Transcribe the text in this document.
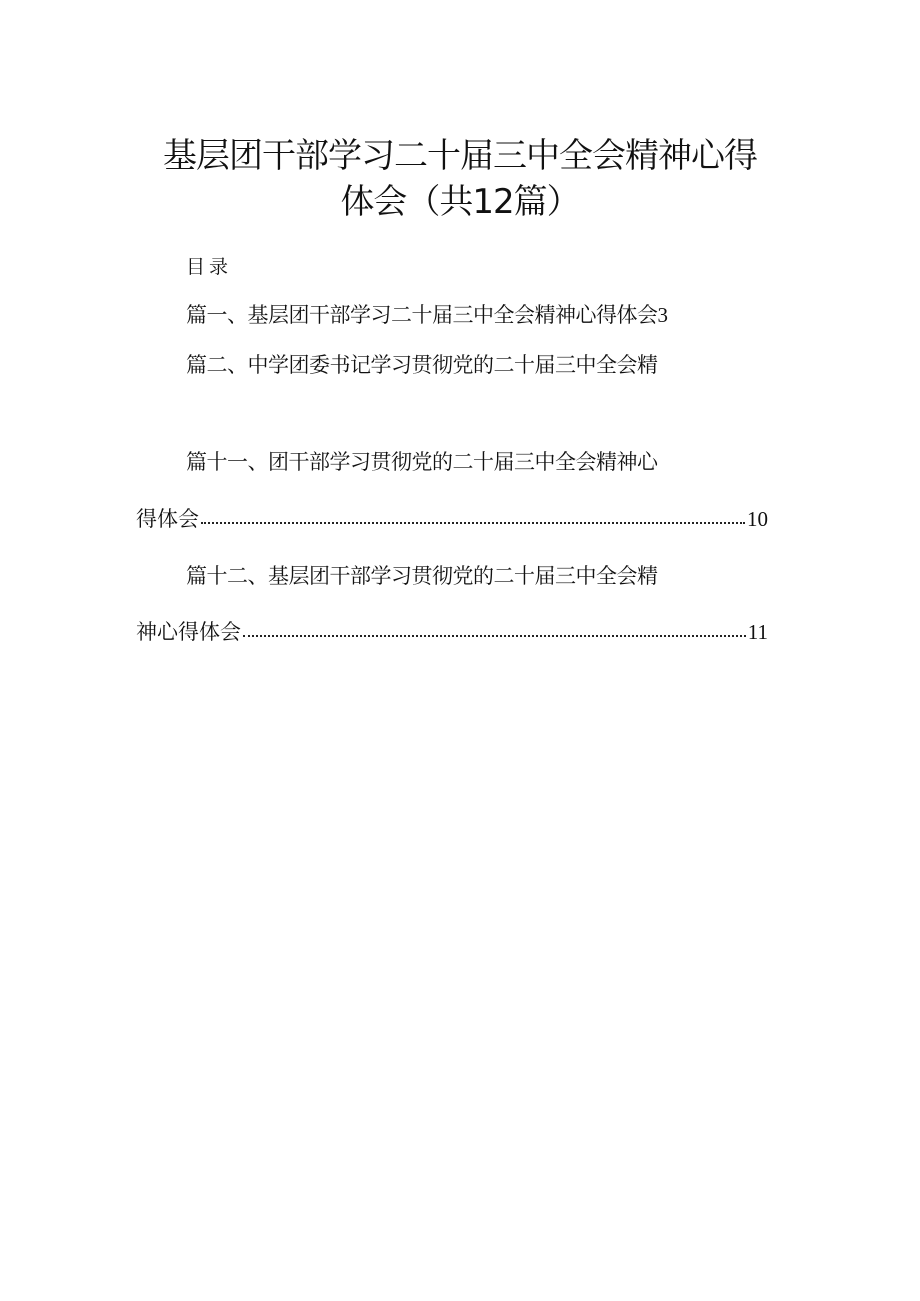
基层团干部学习二十届三中全会精神心得
体会（共12篇）
目录
篇一、基层团干部学习二十届三中全会精神心得体会3
篇二、中学团委书记学习贯彻党的二十届三中全会精
篇十一、团干部学习贯彻党的二十届三中全会精神心
得体会	10
篇十二、基层团干部学习贯彻党的二十届三中全会精
神心得体会	11
